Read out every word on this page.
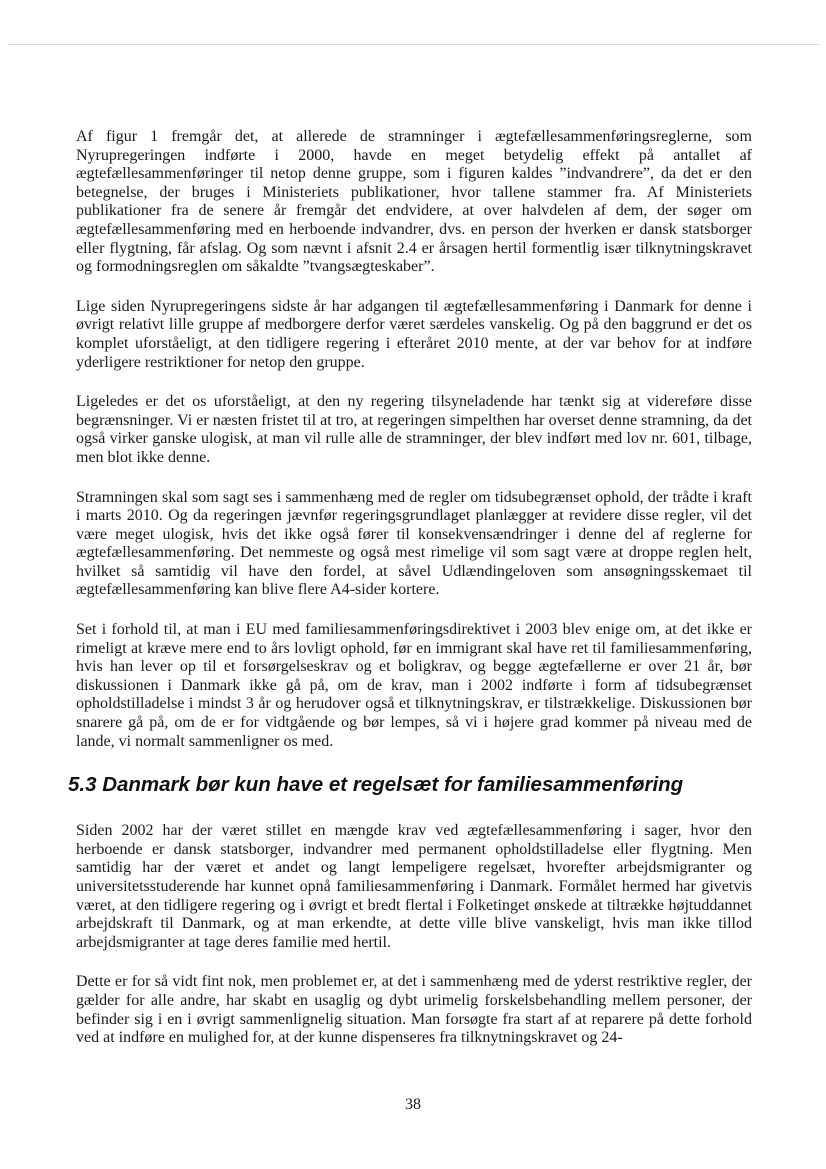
Af figur 1 fremgår det, at allerede de stramninger i ægtefællesammenføringsreglerne, som Nyrupregeringen indførte i 2000, havde en meget betydelig effekt på antallet af ægtefællesammenføringer til netop denne gruppe, som i figuren kaldes ”indvandrere”, da det er den betegnelse, der bruges i Ministeriets publikationer, hvor tallene stammer fra. Af Ministeriets publikationer fra de senere år fremgår det endvidere, at over halvdelen af dem, der søger om ægtefællesammenføring med en herboende indvandrer, dvs. en person der hverken er dansk statsborger eller flygtning, får afslag. Og som nævnt i afsnit 2.4 er årsagen hertil formentlig især tilknytningskravet og formodningsreglen om såkaldte ”tvangsægteskaber”.

Lige siden Nyrupregeringens sidste år har adgangen til ægtefællesammenføring i Danmark for denne i øvrigt relativt lille gruppe af medborgere derfor været særdeles vanskelig. Og på den baggrund er det os komplet uforståeligt, at den tidligere regering i efteråret 2010 mente, at der var behov for at indføre yderligere restriktioner for netop den gruppe.

Ligeledes er det os uforståeligt, at den ny regering tilsyneladende har tænkt sig at videreføre disse begrænsninger. Vi er næsten fristet til at tro, at regeringen simpelthen har overset denne stramning, da det også virker ganske ulogisk, at man vil rulle alle de stramninger, der blev indført med lov nr. 601, tilbage, men blot ikke denne.

Stramningen skal som sagt ses i sammenhæng med de regler om tidsubegrænset ophold, der trådte i kraft i marts 2010. Og da regeringen jævnfør regeringsgrundlaget planlægger at revidere disse regler, vil det være meget ulogisk, hvis det ikke også fører til konsekvensændringer i denne del af reglerne for ægtefællesammenføring. Det nemmeste og også mest rimelige vil som sagt være at droppe reglen helt, hvilket så samtidig vil have den fordel, at såvel Udlændingeloven som ansøgningsskemaet til ægtefællesammenføring kan blive flere A4-sider kortere.

Set i forhold til, at man i EU med familiesammenføringsdirektivet i 2003 blev enige om, at det ikke er rimeligt at kræve mere end to års lovligt ophold, før en immigrant skal have ret til familiesammenføring, hvis han lever op til et forsørgelseskrav og et boligkrav, og begge ægtefællerne er over 21 år, bør diskussionen i Danmark ikke gå på, om de krav, man i 2002 indførte i form af tidsubegrænset opholdstilladelse i mindst 3 år og herudover også et tilknytningskrav, er tilstrækkelige. Diskussionen bør snarere gå på, om de er for vidtgående og bør lempes, så vi i højere grad kommer på niveau med de lande, vi normalt sammenligner os med.

5.3 Danmark bør kun have et regelsæt for familiesammenføring

Siden 2002 har der været stillet en mængde krav ved ægtefællesammenføring i sager, hvor den herboende er dansk statsborger, indvandrer med permanent opholdstilladelse eller flygtning. Men samtidig har der været et andet og langt lempeligere regelsæt, hvorefter arbejdsmigranter og universitetsstuderende har kunnet opnå familiesammenføring i Danmark. Formålet hermed har givetvis været, at den tidligere regering og i øvrigt et bredt flertal i Folketinget ønskede at tiltrække højtuddannet arbejdskraft til Danmark, og at man erkendte, at dette ville blive vanskeligt, hvis man ikke tillod arbejdsmigranter at tage deres familie med hertil.

Dette er for så vidt fint nok, men problemet er, at det i sammenhæng med de yderst restriktive regler, der gælder for alle andre, har skabt en usaglig og dybt urimelig forskelsbehandling mellem personer, der befinder sig i en i øvrigt sammenlignelig situation. Man forsøgte fra start af at reparere på dette forhold ved at indføre en mulighed for, at der kunne dispenseres fra tilknytningskravet og 24-

38
